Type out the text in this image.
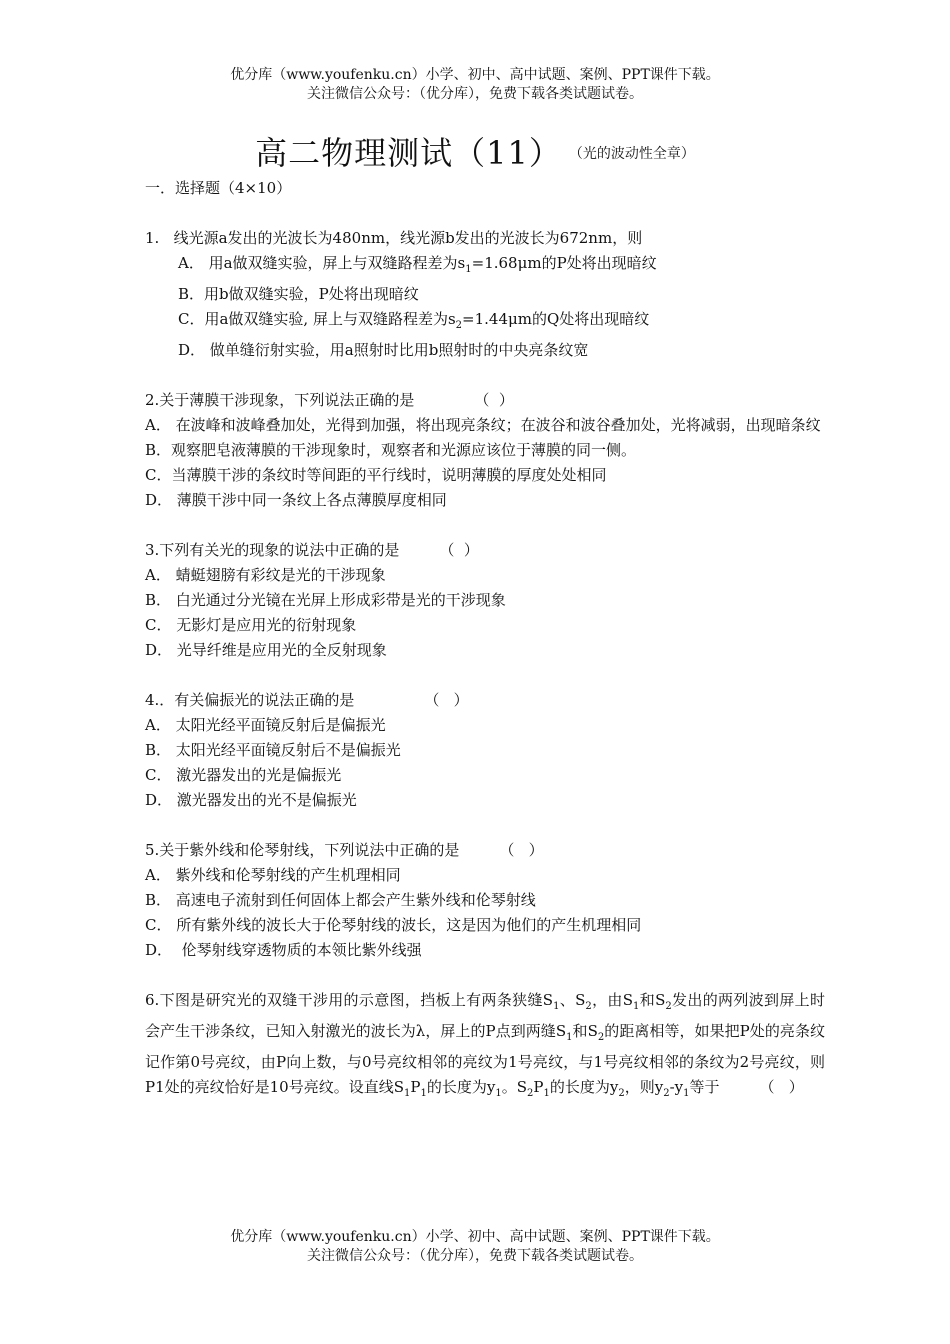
优分库（www.youfenku.cn）小学、初中、高中试题、案例、PPT课件下载。
关注微信公众号：（优分库），免费下载各类试题试卷。
高二物理测试（11） （光的波动性全章）
一．选择题（4×10）
1.   线光源a发出的光波长为480nm，线光源b发出的光波长为672nm，则
A． 用a做双缝实验，屏上与双缝路程差为$s_1=1.68\mu m$的P处将出现暗纹
B．用b做双缝实验，P处将出现暗纹
C．用a做双缝实验, 屏上与双缝路程差为$s_2=1.44\mu m$的Q处将出现暗纹
D． 做单缝衍射实验，用a照射时比用b照射时的中央亮条纹宽
2.关于薄膜干涉现象，下列说法正确的是	（  ）
A． 在波峰和波峰叠加处，光得到加强，将出现亮条纹；在波谷和波谷叠加处，光将减弱，出现暗条纹
B．观察肥皂液薄膜的干涉现象时，观察者和光源应该位于薄膜的同一侧。
C．当薄膜干涉的条纹时等间距的平行线时，说明薄膜的厚度处处相同
D． 薄膜干涉中同一条纹上各点薄膜厚度相同
3.下列有关光的现象的说法中正确的是	（  ）
A． 蜻蜓翅膀有彩纹是光的干涉现象
B． 白光通过分光镜在光屏上形成彩带是光的干涉现象
C． 无影灯是应用光的衍射现象
D． 光导纤维是应用光的全反射现象
4.．有关偏振光的说法正确的是	（   ）
A． 太阳光经平面镜反射后是偏振光
B． 太阳光经平面镜反射后不是偏振光
C． 激光器发出的光是偏振光
D． 激光器发出的光不是偏振光
5.关于紫外线和伦琴射线，下列说法中正确的是	（   ）
A． 紫外线和伦琴射线的产生机理相同
B． 高速电子流射到任何固体上都会产生紫外线和伦琴射线
C． 所有紫外线的波长大于伦琴射线的波长，这是因为他们的产生机理相同
D．  伦琴射线穿透物质的本领比紫外线强
6.下图是研究光的双缝干涉用的示意图，挡板上有两条狭缝$S_1$、$S_2$，由$S_1$和$S_2$发出的两列波到屏上时会产生干涉条纹，已知入射激光的波长为λ，屏上的P点到两缝$S_1$和$S_2$的距离相等，如果把P处的亮条纹记作第0号亮纹，由P向上数，与0号亮纹相邻的亮纹为1号亮纹，与1号亮纹相邻的条纹为2号亮纹，则P1处的亮纹恰好是10号亮纹。设直线$S_1P_1$的长度为$y_1$。$S_2P_1$的长度为$y_2$，则$y_2-y_1$等于	（   ）
优分库（www.youfenku.cn）小学、初中、高中试题、案例、PPT课件下载。
关注微信公众号：（优分库），免费下载各类试题试卷。
